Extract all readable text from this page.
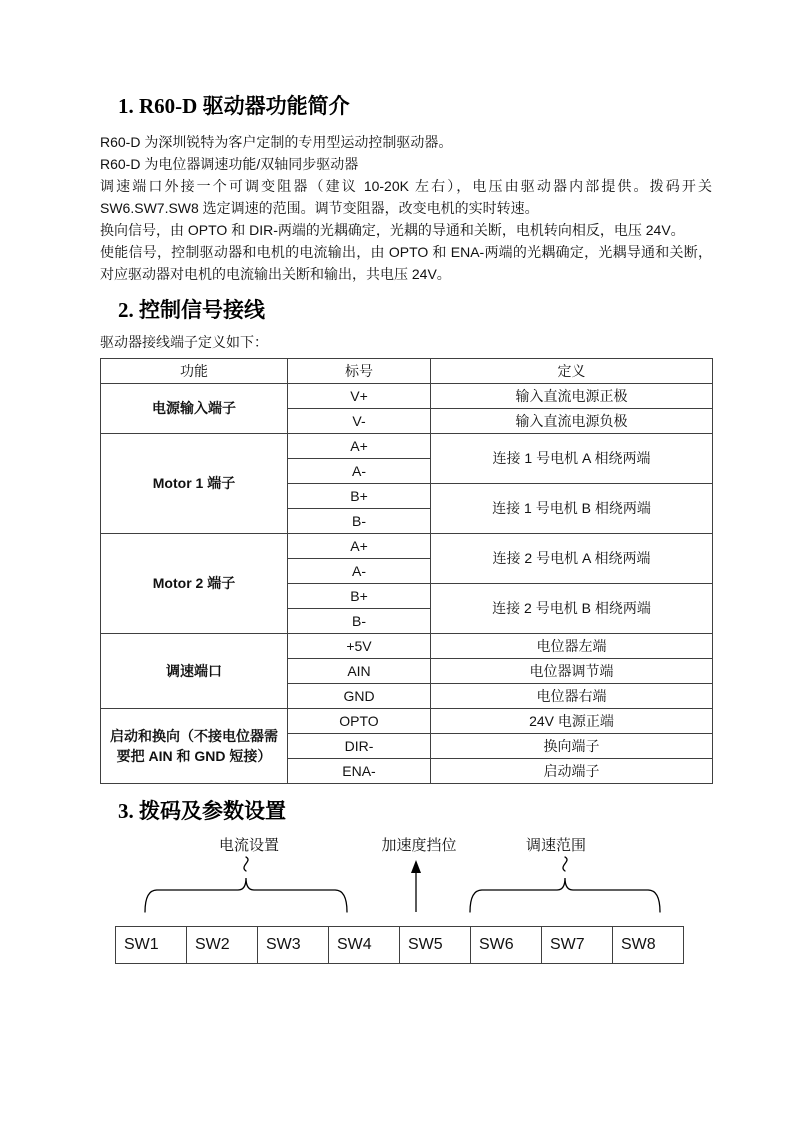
1. R60-D 驱动器功能简介

R60-D 为深圳锐特为客户定制的专用型运动控制驱动器。

R60-D 为电位器调速功能/双轴同步驱动器

调速端口外接一个可调变阻器（建议 10-20K 左右），电压由驱动器内部提供。拨码开关 SW6.SW7.SW8 选定调速的范围。调节变阻器，改变电机的实时转速。

换向信号，由 OPTO 和 DIR-两端的光耦确定，光耦的导通和关断，电机转向相反，电压 24V。

使能信号，控制驱动器和电机的电流输出，由 OPTO 和 ENA-两端的光耦确定，光耦导通和关断，对应驱动器对电机的电流输出关断和输出，共电压 24V。

2. 控制信号接线
驱动器接线端子定义如下：
功能	标号	定义
电源输入端子	V+	输入直流电源正极
	V-	输入直流电源负极
Motor 1 端子	A+	连接 1 号电机 A 相绕两端
	A-	
	B+	连接 1 号电机 B 相绕两端
	B-	
Motor 2 端子	A+	连接 2 号电机 A 相绕两端
	A-	
	B+	连接 2 号电机 B 相绕两端
	B-	
调速端口	+5V	电位器左端
	AIN	电位器调节端
	GND	电位器右端
启动和换向（不接电位器需要把 AIN 和 GND 短接）	OPTO	24V 电源正端
	DIR-	换向端子
	ENA-	启动端子
3. 拨码及参数设置
电流设置	加速度挡位	调速范围
SW1	SW2	SW3	SW4	SW5	SW6	SW7	SW8
